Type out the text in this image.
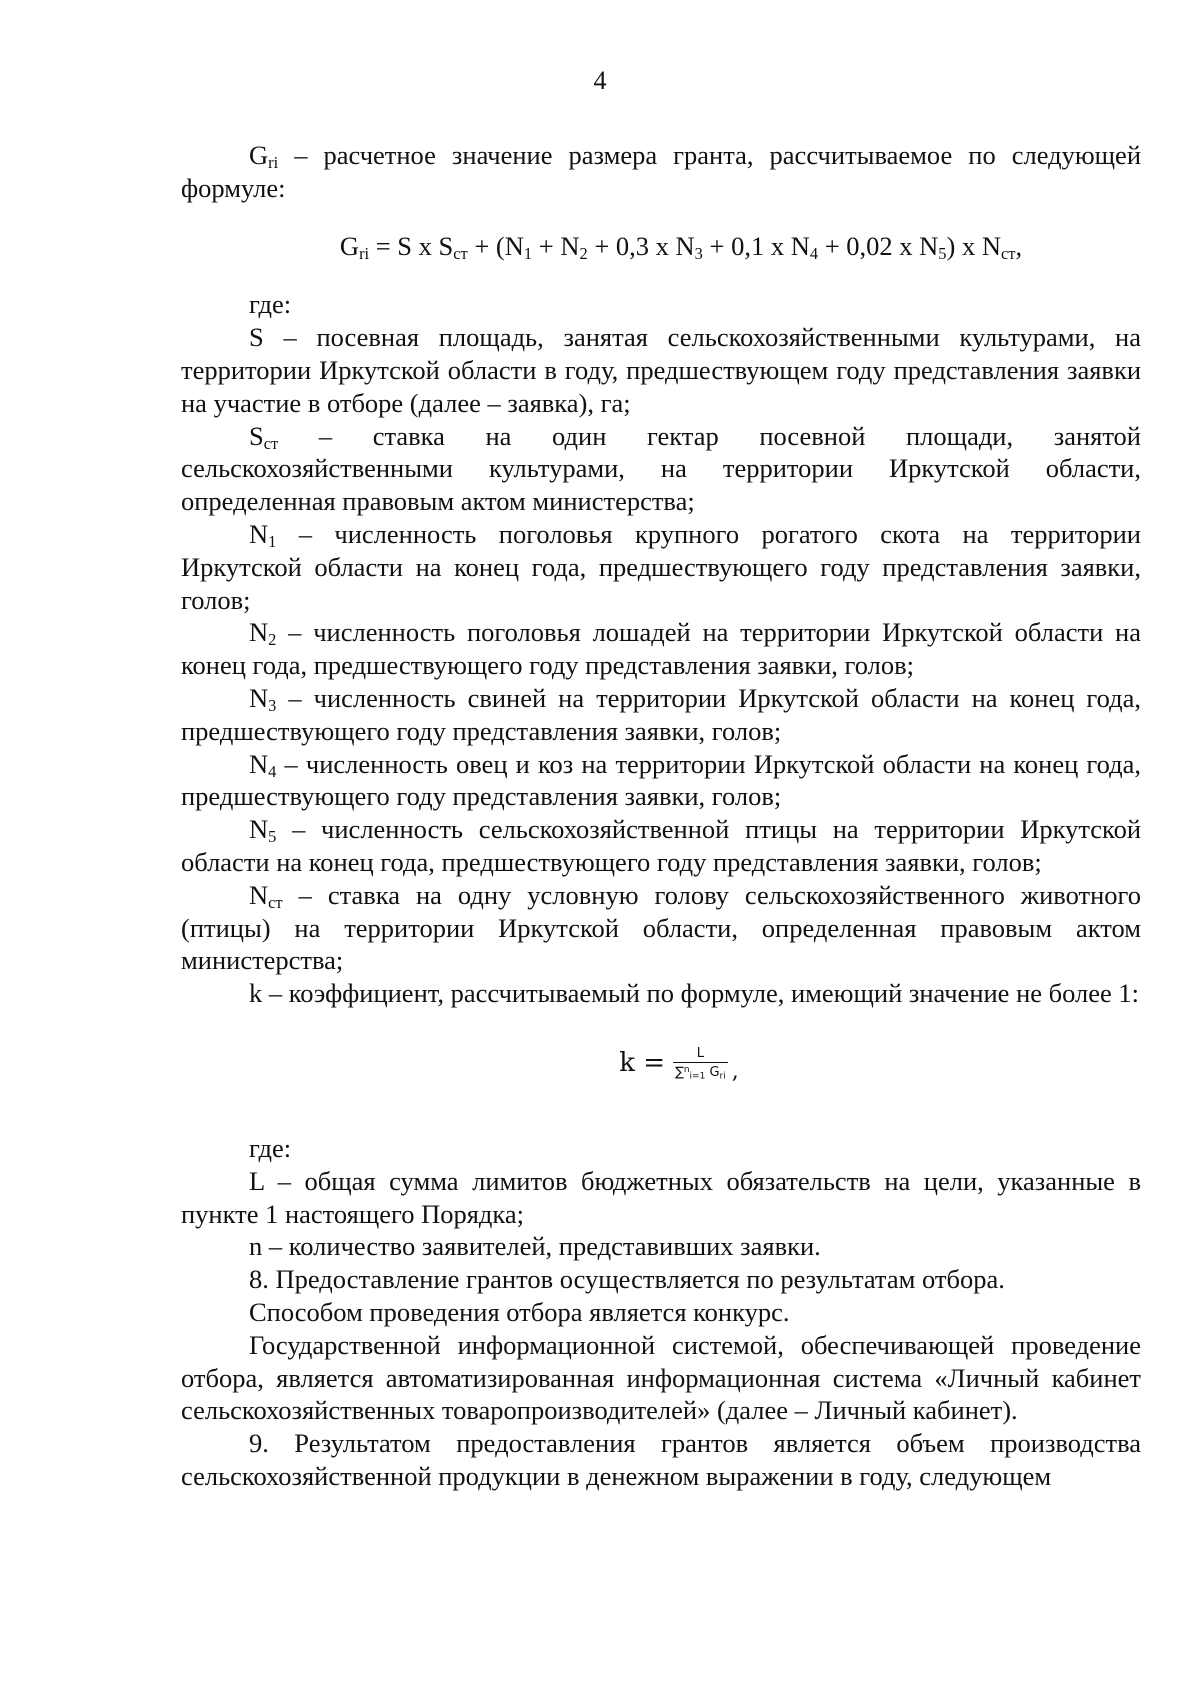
4

$G_{ri}$ – расчетное значение размера гранта, рассчитываемое по следующей формуле:

$G_{ri} = S$ х $S_{ст} + (N_1 + N_2 + 0,3$ х $N_3 + 0,1$ х $N_4 + 0,02$ х $N_5$) х $N_{ст}$,

где:

S – посевная площадь, занятая сельскохозяйственными культурами, на территории Иркутской области в году, предшествующем году представления заявки на участие в отборе (далее – заявка), га;

$S_{ст}$ – ставка на один гектар посевной площади, занятой сельскохозяйственными культурами, на территории Иркутской области, определенная правовым актом министерства;

$N_1$ – численность поголовья крупного рогатого скота на территории Иркутской области на конец года, предшествующего году представления заявки, голов;

$N_2$ – численность поголовья лошадей на территории Иркутской области на конец года, предшествующего году представления заявки, голов;

$N_3$ – численность свиней на территории Иркутской области на конец года, предшествующего году представления заявки, голов;

$N_4$ – численность овец и коз на территории Иркутской области на конец года, предшествующего году представления заявки, голов;

$N_5$ – численность сельскохозяйственной птицы на территории Иркутской области на конец года, предшествующего году представления заявки, голов;

$N_{ст}$ – ставка на одну условную голову сельскохозяйственного животного (птицы) на территории Иркутской области, определенная правовым актом министерства;

k – коэффициент, рассчитываемый по формуле, имеющий значение не более 1:

$k = \frac{L}{\sum^n_{i=1} G_{ri}}$ ,

где:

L – общая сумма лимитов бюджетных обязательств на цели, указанные в пункте 1 настоящего Порядка;

n – количество заявителей, представивших заявки.

8. Предоставление грантов осуществляется по результатам отбора.

Способом проведения отбора является конкурс.

Государственной информационной системой, обеспечивающей проведение отбора, является автоматизированная информационная система «Личный кабинет сельскохозяйственных товаропроизводителей» (далее – Личный кабинет).

9. Результатом предоставления грантов является объем производства сельскохозяйственной продукции в денежном выражении в году, следующем
